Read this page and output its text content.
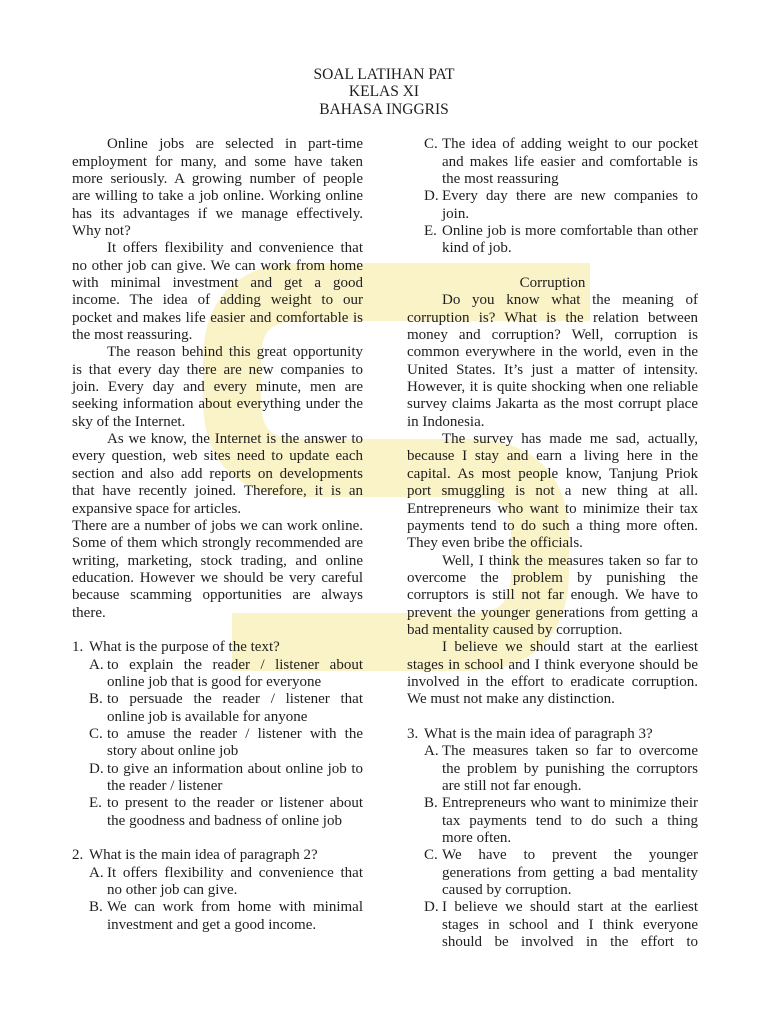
SOAL LATIHAN PAT
KELAS XI
BAHASA INGGRIS
Online jobs are selected in part-time
employment for many, and some have taken
more seriously. A growing number of people
are willing to take a job online. Working online
has its advantages if we manage effectively.
Why not?
It offers flexibility and convenience that
no other job can give. We can work from home
with minimal investment and get a good
income. The idea of adding weight to our
pocket and makes life easier and comfortable is
the most reassuring.
The reason behind this great opportunity
is that every day there are new companies to
join. Every day and every minute, men are
seeking information about everything under the
sky of the Internet.
As we know, the Internet is the answer to
every question, web sites need to update each
section and also add reports on developments
that have recently joined. Therefore, it is an
expansive space for articles.
There are a number of jobs we can work online.
Some of them which strongly recommended are
writing, marketing, stock trading, and online
education. However we should be very careful
because scamming opportunities are always
there.
1. What is the purpose of the text?
A. to explain the reader / listener about
online job that is good for everyone
B. to persuade the reader / listener that
online job is available for anyone
C. to amuse the reader / listener with the
story about online job
D. to give an information about online job to
the reader / listener
E. to present to the reader or listener about
the goodness and badness of online job
2. What is the main idea of paragraph 2?
A. It offers flexibility and convenience that
no other job can give.
B. We can work from home with minimal
investment and get a good income.
C. The idea of adding weight to our pocket
and makes life easier and comfortable is
the most reassuring
D. Every day there are new companies to
join.
E. Online job is more comfortable than other
kind of job.
Corruption
Do you know what the meaning of
corruption is? What is the relation between
money and corruption? Well, corruption is
common everywhere in the world, even in the
United States. It’s just a matter of intensity.
However, it is quite shocking when one reliable
survey claims Jakarta as the most corrupt place
in Indonesia.
The survey has made me sad, actually,
because I stay and earn a living here in the
capital. As most people know, Tanjung Priok
port smuggling is not a new thing at all.
Entrepreneurs who want to minimize their tax
payments tend to do such a thing more often.
They even bribe the officials.
Well, I think the measures taken so far to
overcome the problem by punishing the
corruptors is still not far enough. We have to
prevent the younger generations from getting a
bad mentality caused by corruption.
I believe we should start at the earliest
stages in school and I think everyone should be
involved in the effort to eradicate corruption.
We must not make any distinction.
3. What is the main idea of paragraph 3?
A. The measures taken so far to overcome
the problem by punishing the corruptors
are still not far enough.
B. Entrepreneurs who want to minimize their
tax payments tend to do such a thing
more often.
C. We have to prevent the younger
generations from getting a bad mentality
caused by corruption.
D. I believe we should start at the earliest
stages in school and I think everyone
should be involved in the effort to
